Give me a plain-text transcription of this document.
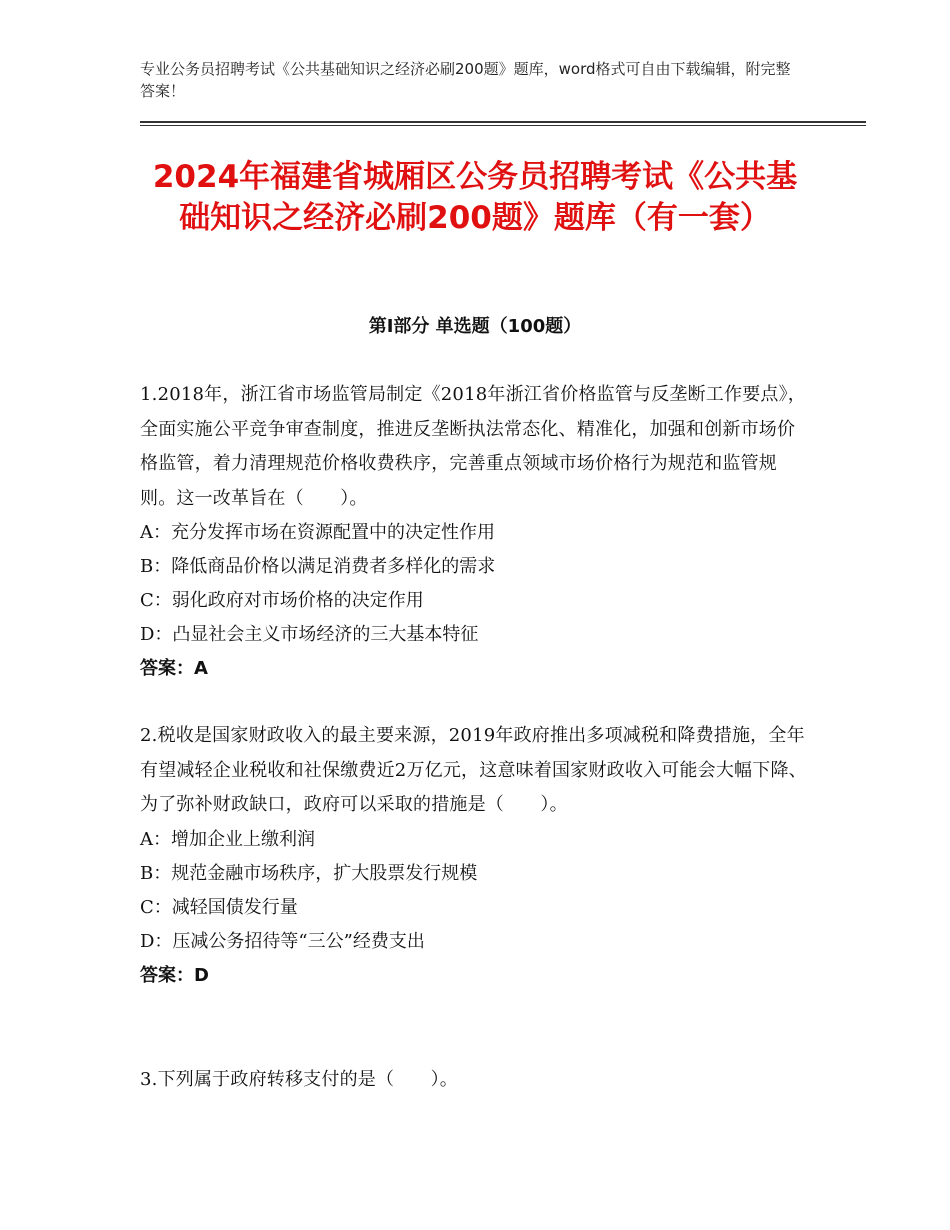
专业公务员招聘考试《公共基础知识之经济必刷200题》题库，word格式可自由下载编辑，附完整答案！
2024年福建省城厢区公务员招聘考试《公共基础知识之经济必刷200题》题库（有一套）
第Ⅰ部分 单选题（100题）
1.2018年，浙江省市场监管局制定《2018年浙江省价格监管与反垄断工作要点》，全面实施公平竞争审查制度，推进反垄断执法常态化、精准化，加强和创新市场价格监管，着力清理规范价格收费秩序，完善重点领域市场价格行为规范和监管规则。这一改革旨在（　　）。
A：充分发挥市场在资源配置中的决定性作用
B：降低商品价格以满足消费者多样化的需求
C：弱化政府对市场价格的决定作用
D：凸显社会主义市场经济的三大基本特征
答案：A
2.税收是国家财政收入的最主要来源，2019年政府推出多项减税和降费措施，全年有望减轻企业税收和社保缴费近2万亿元，这意味着国家财政收入可能会大幅下降、为了弥补财政缺口，政府可以采取的措施是（　　）。
A：增加企业上缴利润
B：规范金融市场秩序，扩大股票发行规模
C：减轻国债发行量
D：压减公务招待等“三公”经费支出
答案：D
3.下列属于政府转移支付的是（　　）。
